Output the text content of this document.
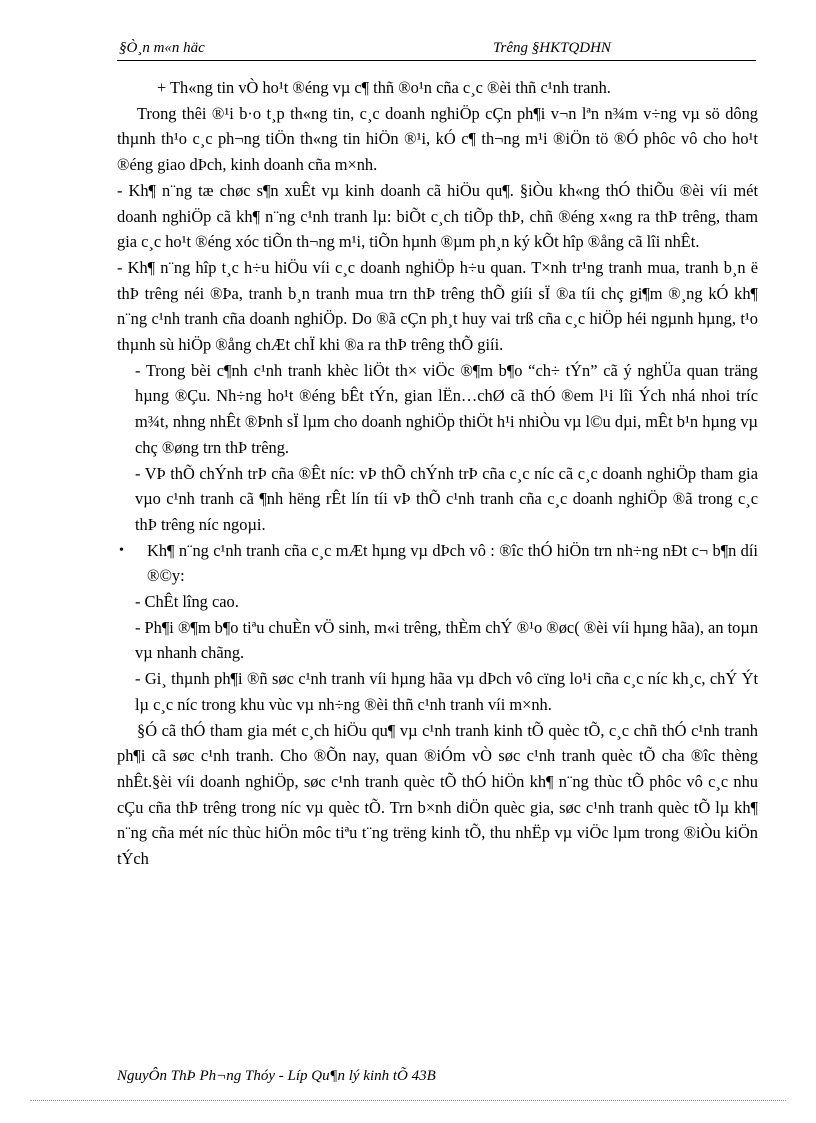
§Ò¸n m«n häc	Trêng §HKTQDHN

+ Th«ng tin vÒ ho¹t ®éng vµ c¶ thñ ®o¹n cña c¸c ®èi thñ c¹nh tranh.

Trong thêi ®¹i b·o t¸p th«ng tin, c¸c doanh nghiÖp cÇn ph¶i v¬n lªn n¾m v÷ng vµ sö dông thµnh th¹o c¸c ph¬ng tiÖn th«ng tin hiÖn ®¹i, kÓ c¶ th¬ng m¹i ®iÖn tö ®Ó phôc vô cho ho¹t ®éng giao dÞch, kinh doanh cña m×nh.

- Kh¶ n¨ng tæ chøc s¶n xuÊt vµ kinh doanh cã hiÖu qu¶. §iÒu kh«ng thÓ thiÕu ®èi víi mét doanh nghiÖp cã kh¶ n¨ng c¹nh tranh lµ: biÕt c¸ch tiÕp thÞ, chñ ®éng x«ng ra thÞ trêng, tham gia c¸c ho¹t ®éng xóc tiÕn th¬ng m¹i, tiÕn hµnh ®µm ph¸n ký kÕt hîp ®ång cã lîi nhÊt.

- Kh¶ n¨ng hîp t¸c h÷u hiÖu víi c¸c doanh nghiÖp h÷u quan. T×nh tr¹ng tranh mua, tranh b¸n ë thÞ trêng néi ®Þa, tranh b¸n tranh mua trn thÞ trêng thÕ giíi sÏ ®a tíi chç gi¶m ®¸ng kÓ kh¶ n¨ng c¹nh tranh cña doanh nghiÖp. Do ®ã cÇn ph¸t huy vai trß cña c¸c hiÖp héi ngµnh hµng, t¹o thµnh sù hiÖp ®ång chÆt chÏ khi ®a ra thÞ trêng thÕ giíi.

- Trong bèi c¶nh c¹nh tranh khèc liÖt th× viÖc ®¶m b¶o “ch÷ tÝn” cã ý nghÜa quan träng hµng ®Çu. Nh÷ng ho¹t ®éng bÊt tÝn, gian lËn…chØ cã thÓ ®em l¹i lîi Ých nhá nhoi tríc m¾t, nhng nhÊt ®Þnh sÏ lµm cho doanh nghiÖp thiÖt h¹i nhiÒu vµ l©u dµi, mÊt b¹n hµng vµ chç ®øng trn thÞ trêng.

- VÞ thÕ chÝnh trÞ cña ®Êt níc: vÞ thÕ chÝnh trÞ cña c¸c níc cã c¸c doanh nghiÖp tham gia vµo c¹nh tranh cã ¶nh hëng rÊt lín tíi vÞ thÕ c¹nh tranh cña c¸c doanh nghiÖp ®ã trong c¸c thÞ trêng níc ngoµi.

• Kh¶ n¨ng c¹nh tranh cña c¸c mÆt hµng vµ dÞch vô : ®îc thÓ hiÖn trn nh÷ng nÐt c¬ b¶n díi ®©y:

- ChÊt lîng cao.

- Ph¶i ®¶m b¶o tiªu chuÈn vÖ sinh, m«i trêng, thÈm chÝ ®¹o ®øc( ®èi víi hµng hãa), an toµn vµ nhanh chãng.

- Gi¸ thµnh ph¶i ®ñ søc c¹nh tranh víi hµng hãa vµ dÞch vô cïng lo¹i cña c¸c níc kh¸c, chÝ Ýt lµ c¸c níc trong khu vùc vµ nh÷ng ®èi thñ c¹nh tranh víi m×nh.

§Ó cã thÓ tham gia mét c¸ch hiÖu qu¶ vµ c¹nh tranh kinh tÕ quèc tÕ, c¸c chñ thÓ c¹nh tranh ph¶i cã søc c¹nh tranh. Cho ®Õn nay, quan ®iÓm vÒ søc c¹nh tranh quèc tÕ cha ®îc thèng nhÊt.§èi víi doanh nghiÖp, søc c¹nh tranh quèc tÕ thÓ hiÖn kh¶ n¨ng thùc tÕ phôc vô c¸c nhu cÇu cña thÞ trêng trong níc vµ quèc tÕ. Trn b×nh diÖn quèc gia, søc c¹nh tranh quèc tÕ lµ kh¶ n¨ng cña mét níc thùc hiÖn môc tiªu t¨ng trëng kinh tÕ, thu nhËp vµ viÖc lµm trong ®iÒu kiÖn tÝch

NguyÔn ThÞ Ph¬ng Thóy - Líp Qu¶n lý kinh tÕ 43B
